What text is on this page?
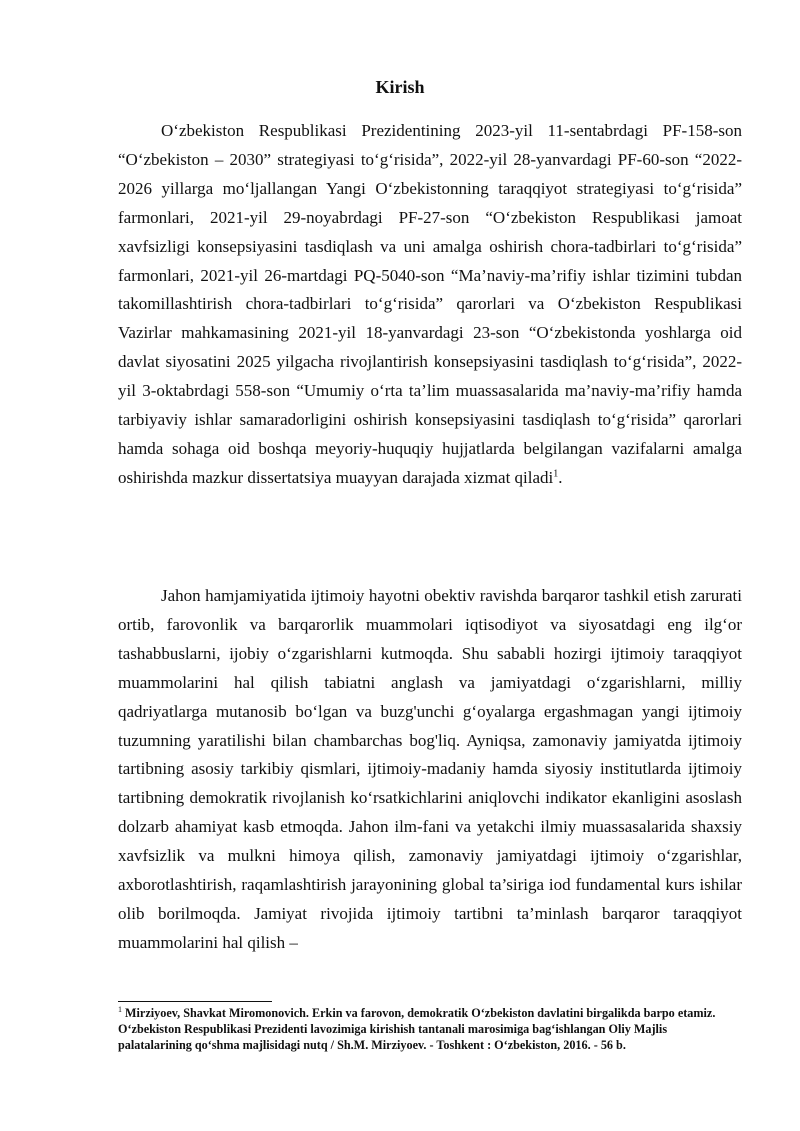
Kirish

O‘zbekiston Respublikasi Prezidentining 2023-yil 11-sentabrdagi PF-158-son “O‘zbekiston – 2030” strategiyasi to‘g‘risida”, 2022-yil 28-yanvardagi PF-60-son “2022-2026 yillarga mo‘ljallangan Yangi O‘zbekistonning taraqqiyot strategiyasi to‘g‘risida” farmonlari, 2021-yil 29-noyabrdagi PF-27-son “O‘zbekiston Respublikasi jamoat xavfsizligi konsepsiyasini tasdiqlash va uni amalga oshirish chora-tadbirlari to‘g‘risida” farmonlari, 2021-yil 26-martdagi PQ-5040-son “Ma’naviy-ma’rifiy ishlar tizimini tubdan takomillashtirish chora-tadbirlari to‘g‘risida” qarorlari va O‘zbekiston Respublikasi Vazirlar mahkamasining 2021-yil 18-yanvardagi 23-son “O‘zbekistonda yoshlarga oid davlat siyosatini 2025 yilgacha rivojlantirish konsepsiyasini tasdiqlash to‘g‘risida”, 2022-yil 3-oktabrdagi 558-son “Umumiy o‘rta ta’lim muassasalarida ma’naviy-ma’rifiy hamda tarbiyaviy ishlar samaradorligini oshirish konsepsiyasini tasdiqlash to‘g‘risida” qarorlari hamda sohaga oid boshqa meyoriy-huquqiy hujjatlarda belgilangan vazifalarni amalga oshirishda mazkur dissertatsiya muayyan darajada xizmat qiladi$^1$.

Jahon hamjamiyatida ijtimoiy hayotni obektiv ravishda barqaror tashkil etish zarurati ortib, farovonlik va barqarorlik muammolari iqtisodiyot va siyosatdagi eng ilg‘or tashabbuslarni, ijobiy o‘zgarishlarni kutmoqda. Shu sababli hozirgi ijtimoiy taraqqiyot muammolarini hal qilish tabiatni anglash va jamiyatdagi o‘zgarishlarni, milliy qadriyatlarga mutanosib bo‘lgan va buzg'unchi g‘oyalarga ergashmagan yangi ijtimoiy tuzumning yaratilishi bilan chambarchas bog'liq. Ayniqsa, zamonaviy jamiyatda ijtimoiy tartibning asosiy tarkibiy qismlari, ijtimoiy-madaniy hamda siyosiy institutlarda ijtimoiy tartibning demokratik rivojlanish ko‘rsatkichlarini aniqlovchi indikator ekanligini asoslash dolzarb ahamiyat kasb etmoqda. Jahon ilm-fani va yetakchi ilmiy muassasalarida shaxsiy xavfsizlik va mulkni himoya qilish, zamonaviy jamiyatdagi ijtimoiy o‘zgarishlar, axborotlashtirish, raqamlashtirish jarayonining global ta’siriga iod fundamental kurs ishilar olib borilmoqda. Jamiyat rivojida ijtimoiy tartibni ta’minlash barqaror taraqqiyot muammolarini hal qilish –

$^1$ Mirziyoev, Shavkat Miromonovich. Erkin va farovon, demokratik O‘zbekiston davlatini birgalikda barpo etamiz. O‘zbekiston Respublikasi Prezidenti lavozimiga kirishish tantanali marosimiga bag‘ishlangan Oliy Majlis palatalarining qo‘shma majlisidagi nutq / Sh.M. Mirziyoev. - Toshkent : O‘zbekiston, 2016. - 56 b.
